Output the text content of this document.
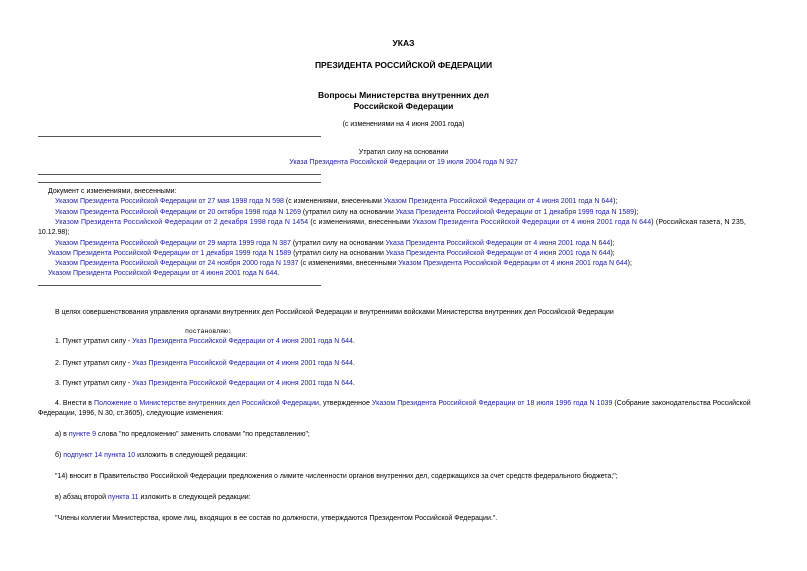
УКАЗ
ПРЕЗИДЕНТА РОССИЙСКОЙ ФЕДЕРАЦИИ
Вопросы Министерства внутренних дел
Российской Федерации
(с изменениями на 4 июня 2001 года)
Утратил силу на основании
Указа Президента Российской Федерации от 19 июля 2004 года N 927
Документ с изменениями, внесенными:
Указом Президента Российской Федерации от 27 мая 1998 года N 598 (с изменениями, внесенными Указом Президента Российской Федерации от 4 июня 2001 года N 644);
Указом Президента Российской Федерации от 20 октября 1998 года N 1269 (утратил силу на основании Указа Президента Российской Федерации от 1 декабря 1999 года N 1589);
Указом Президента Российской Федерации от 2 декабря 1998 года N 1454 (с изменениями, внесенными Указом Президента Российской Федерации от 4 июня 2001 года N 644) (Российская газета, N 235,
10.12.98);
Указом Президента Российской Федерации от 29 марта 1999 года N 387 (утратил силу на основании Указа Президента Российской Федерации от 4 июня 2001 года N 644);
Указом Президента Российской Федерации от 1 декабря 1999 года N 1589 (утратил силу на основании Указа Президента Российской Федерации от 4 июня 2001 года N 644);
Указом Президента Российской Федерации от 24 ноября 2000 года N 1937 (с изменениями, внесенными Указом Президента Российской Федерации от 4 июня 2001 года N 644);
Указом Президента Российской Федерации от 4 июня 2001 года N 644.
В целях совершенствования управления органами внутренних дел Российской Федерации и внутренними войсками Министерства внутренних дел Российской Федерации
постановляю:
1. Пункт утратил силу - Указ Президента Российской Федерации от 4 июня 2001 года N 644.
2. Пункт утратил силу - Указ Президента Российской Федерации от 4 июня 2001 года N 644.
3. Пункт утратил силу - Указ Президента Российской Федерации от 4 июня 2001 года N 644.
4. Внести в Положение о Министерстве внутренних дел Российской Федерации, утвержденное Указом Президента Российской Федерации от 18 июля 1996 года N 1039 (Собрание законодательства Российской
Федерации, 1996, N 30, ст.3605), следующие изменения:
а) в пункте 9 слова "по предложению" заменить словами "по представлению";
б) подпункт 14 пункта 10 изложить в следующей редакции:
"14) вносит в Правительство Российской Федерации предложения о лимите численности органов внутренних дел, содержащихся за счет средств федерального бюджета;";
в) абзац второй пункта 11 изложить в следующей редакции:
"Члены коллегии Министерства, кроме лиц, входящих в ее состав по должности, утверждаются Президентом Российской Федерации.".
